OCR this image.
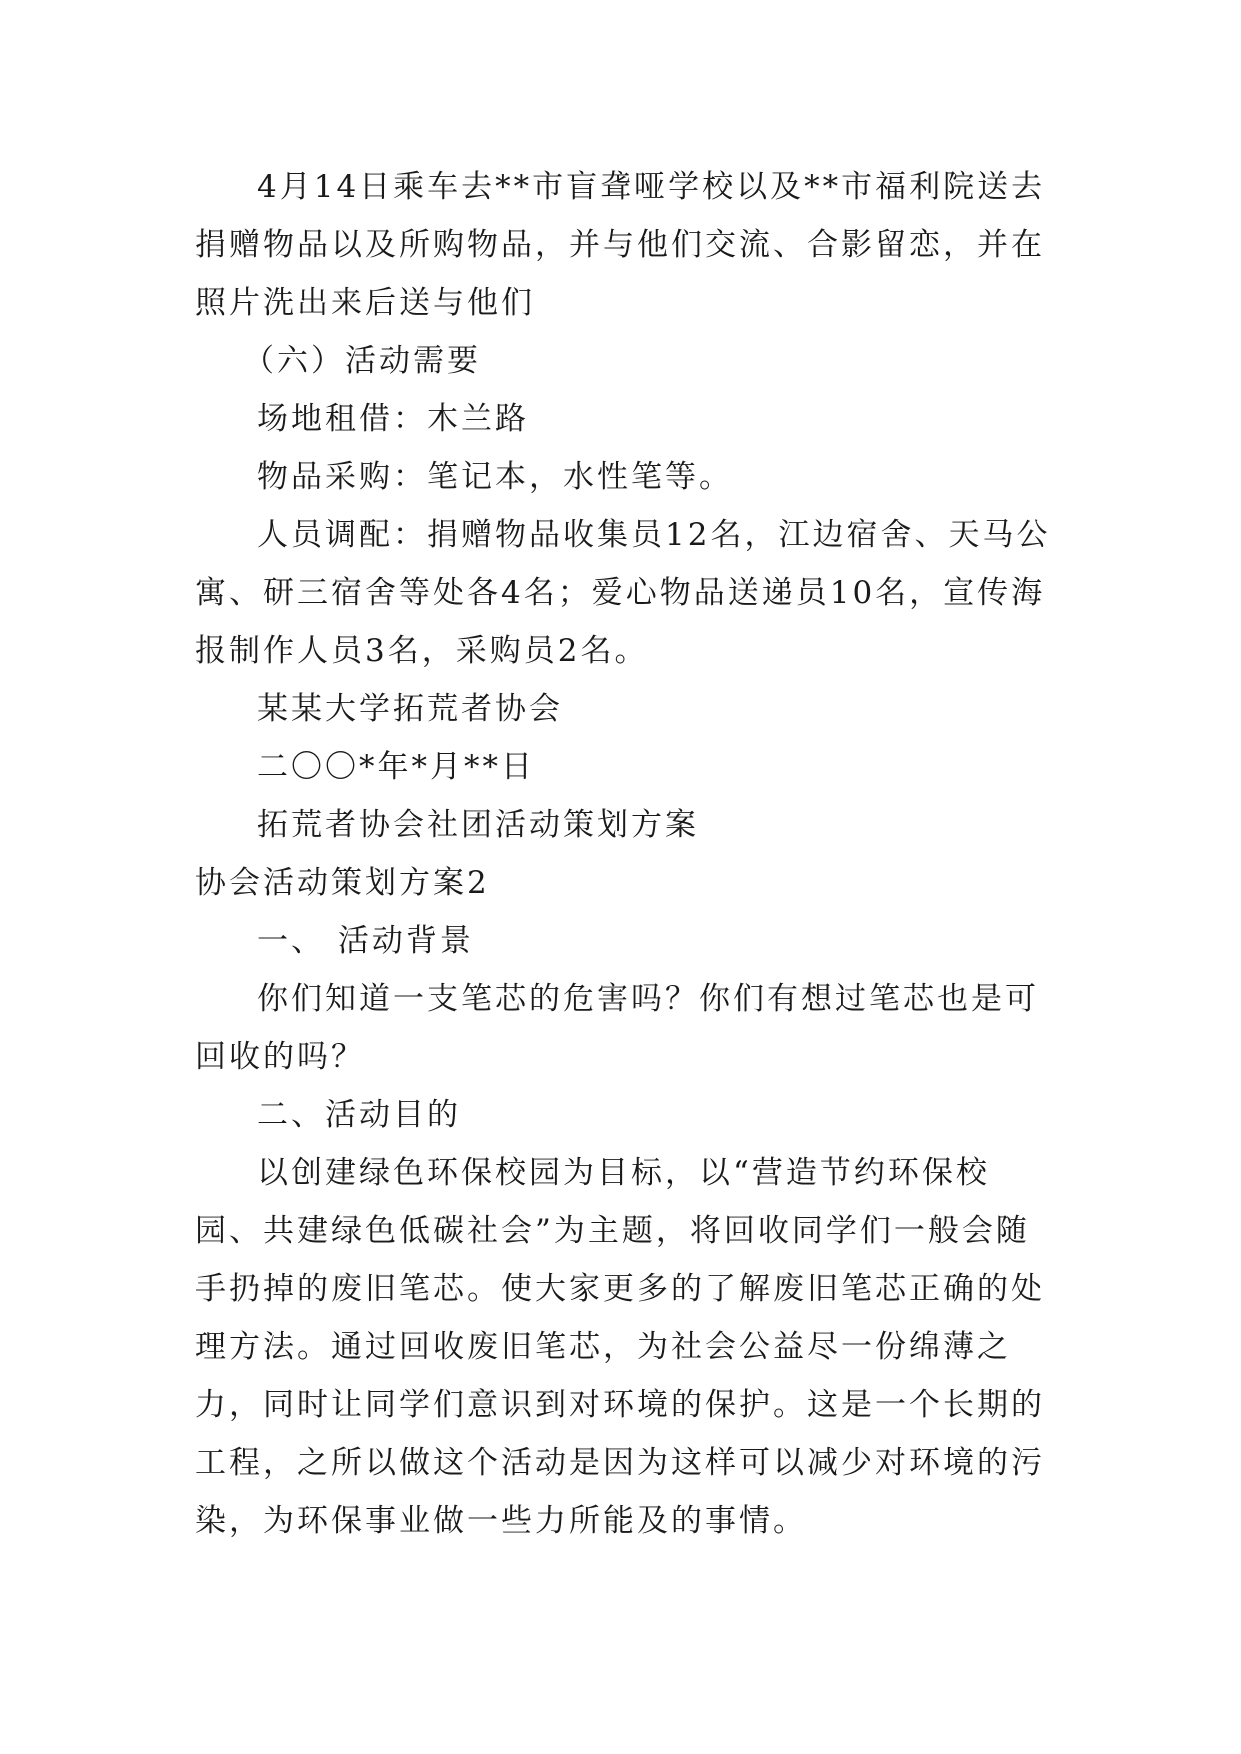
4月14日乘车去**市盲聋哑学校以及**市福利院送去捐赠物品以及所购物品，并与他们交流、合影留恋，并在照片洗出来后送与他们

（六）活动需要

场地租借：木兰路

物品采购：笔记本，水性笔等。

人员调配：捐赠物品收集员12名，江边宿舍、天马公寓、研三宿舍等处各4名；爱心物品送递员10名，宣传海报制作人员3名，采购员2名。

某某大学拓荒者协会

二〇〇*年*月**日

拓荒者协会社团活动策划方案

协会活动策划方案2

一、 活动背景

你们知道一支笔芯的危害吗？你们有想过笔芯也是可回收的吗？

二、活动目的

以创建绿色环保校园为目标，以“营造节约环保校园、共建绿色低碳社会”为主题，将回收同学们一般会随手扔掉的废旧笔芯。使大家更多的了解废旧笔芯正确的处理方法。通过回收废旧笔芯，为社会公益尽一份绵薄之力，同时让同学们意识到对环境的保护。这是一个长期的工程，之所以做这个活动是因为这样可以减少对环境的污染，为环保事业做一些力所能及的事情。
